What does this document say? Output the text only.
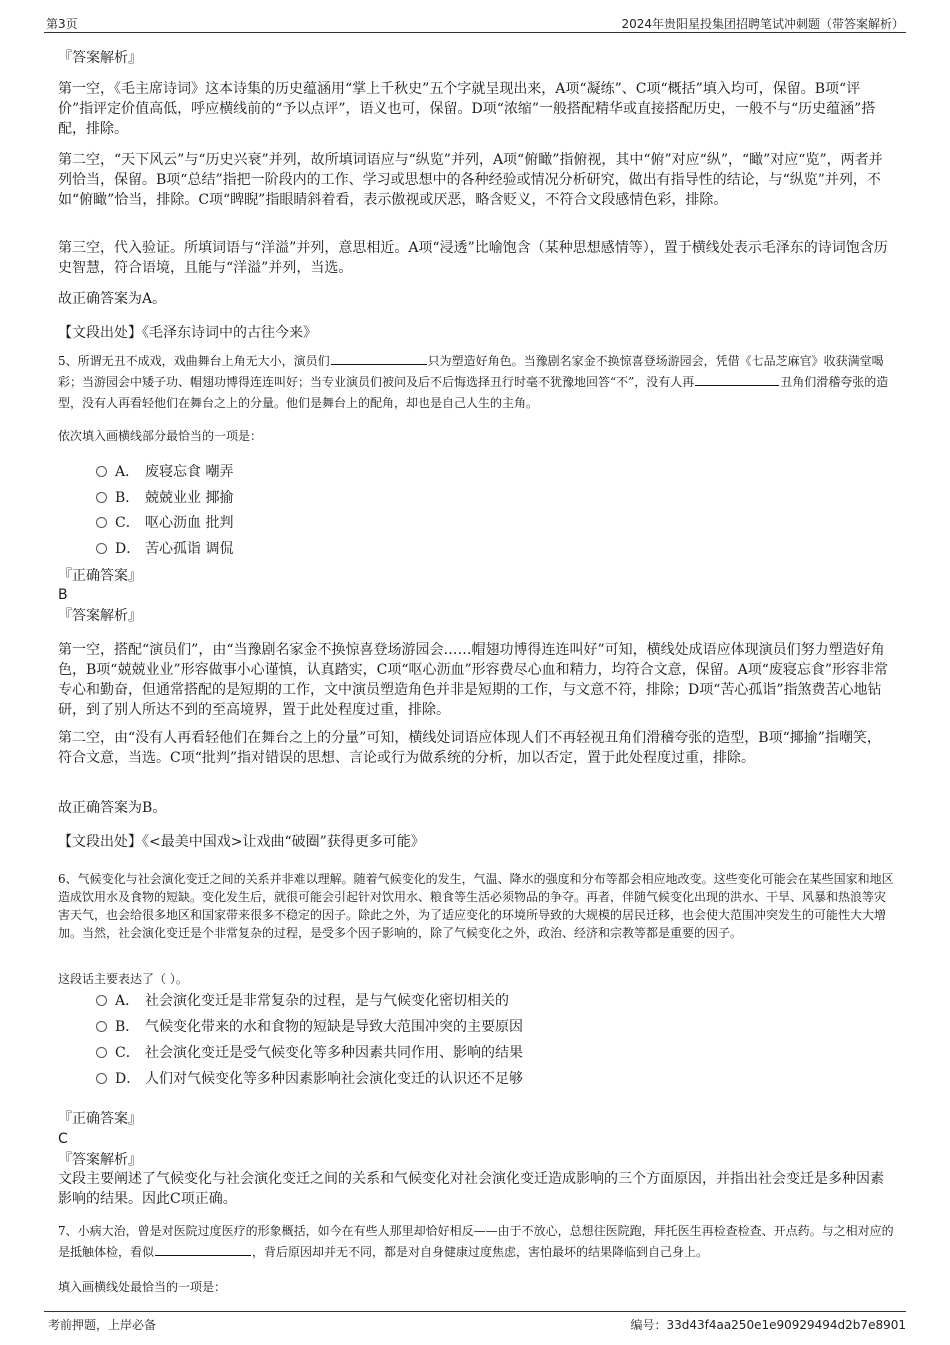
第3页	2024年贵阳星投集团招聘笔试冲刺题（带答案解析）

『答案解析』

第一空，《毛主席诗词》这本诗集的历史蕴涵用“掌上千秋史”五个字就呈现出来，A项“凝练”、C项“概括”填入均可，保留。B项“评价”指评定价值高低，呼应横线前的“予以点评”，语义也可，保留。D项“浓缩”一般搭配精华或直接搭配历史，一般不与“历史蕴涵”搭配，排除。

第二空，“天下风云”与“历史兴衰”并列，故所填词语应与“纵览”并列，A项“俯瞰”指俯视，其中“俯”对应“纵”，“瞰”对应“览”，两者并列恰当，保留。B项“总结”指把一阶段内的工作、学习或思想中的各种经验或情况分析研究，做出有指导性的结论，与“纵览”并列，不如“俯瞰”恰当，排除。C项“睥睨”指眼睛斜着看，表示傲视或厌恶，略含贬义，不符合文段感情色彩，排除。

第三空，代入验证。所填词语与“洋溢”并列，意思相近。A项“浸透”比喻饱含（某种思想感情等），置于横线处表示毛泽东的诗词饱含历史智慧，符合语境，且能与“洋溢”并列，当选。

故正确答案为A。

【文段出处】《毛泽东诗词中的古往今来》

5、所谓无丑不成戏，戏曲舞台上角无大小，演员们	只为塑造好角色。当豫剧名家金不换惊喜登场游园会，凭借《七品芝麻官》收获满堂喝彩；当游园会中矮子功、帽翅功博得连连叫好；当专业演员们被问及后不后悔选择丑行时毫不犹豫地回答“不”，没有人再	丑角们滑稽夸张的造型，没有人再看轻他们在舞台之上的分量。他们是舞台上的配角，却也是自己人生的主角。

依次填入画横线部分最恰当的一项是：

A． 废寝忘食 嘲弄
B． 兢兢业业 揶揄
C． 呕心沥血 批判
D． 苦心孤诣 调侃

『正确答案』

B

『答案解析』

第一空，搭配“演员们”，由“当豫剧名家金不换惊喜登场游园会……帽翅功博得连连叫好”可知，横线处成语应体现演员们努力塑造好角色，B项“兢兢业业”形容做事小心谨慎，认真踏实，C项“呕心沥血”形容费尽心血和精力，均符合文意，保留。A项“废寝忘食”形容非常专心和勤奋，但通常搭配的是短期的工作，文中演员塑造角色并非是短期的工作，与文意不符，排除；D项“苦心孤诣”指煞费苦心地钻研，到了别人所达不到的至高境界，置于此处程度过重，排除。

第二空，由“没有人再看轻他们在舞台之上的分量”可知，横线处词语应体现人们不再轻视丑角们滑稽夸张的造型，B项“揶揄”指嘲笑，符合文意，当选。C项“批判”指对错误的思想、言论或行为做系统的分析，加以否定，置于此处程度过重，排除。

故正确答案为B。

【文段出处】《<最美中国戏>让戏曲“破圈”获得更多可能》

6、气候变化与社会演化变迁之间的关系并非难以理解。随着气候变化的发生，气温、降水的强度和分布等都会相应地改变。这些变化可能会在某些国家和地区造成饮用水及食物的短缺。变化发生后，就很可能会引起针对饮用水、粮食等生活必须物品的争夺。再者，伴随气候变化出现的洪水、干旱、风暴和热浪等灾害天气，也会给很多地区和国家带来很多不稳定的因子。除此之外，为了适应变化的环境所导致的大规模的居民迁移，也会使大范围冲突发生的可能性大大增加。当然，社会演化变迁是个非常复杂的过程，是受多个因子影响的，除了气候变化之外，政治、经济和宗教等都是重要的因子。

这段话主要表达了（ ）。

A． 社会演化变迁是非常复杂的过程，是与气候变化密切相关的
B． 气候变化带来的水和食物的短缺是导致大范围冲突的主要原因
C． 社会演化变迁是受气候变化等多种因素共同作用、影响的结果
D． 人们对气候变化等多种因素影响社会演化变迁的认识还不足够

『正确答案』

C

『答案解析』

文段主要阐述了气候变化与社会演化变迁之间的关系和气候变化对社会演化变迁造成影响的三个方面原因，并指出社会变迁是多种因素影响的结果。因此C项正确。

7、小病大治，曾是对医院过度医疗的形象概括，如今在有些人那里却恰好相反——由于不放心，总想往医院跑，拜托医生再检查检查、开点药。与之相对应的是抵触体检，看似	，背后原因却并无不同，都是对自身健康过度焦虑，害怕最坏的结果降临到自己身上。

填入画横线处最恰当的一项是：

考前押题，上岸必备	编号：33d43f4aa250e1e90929494d2b7e8901
